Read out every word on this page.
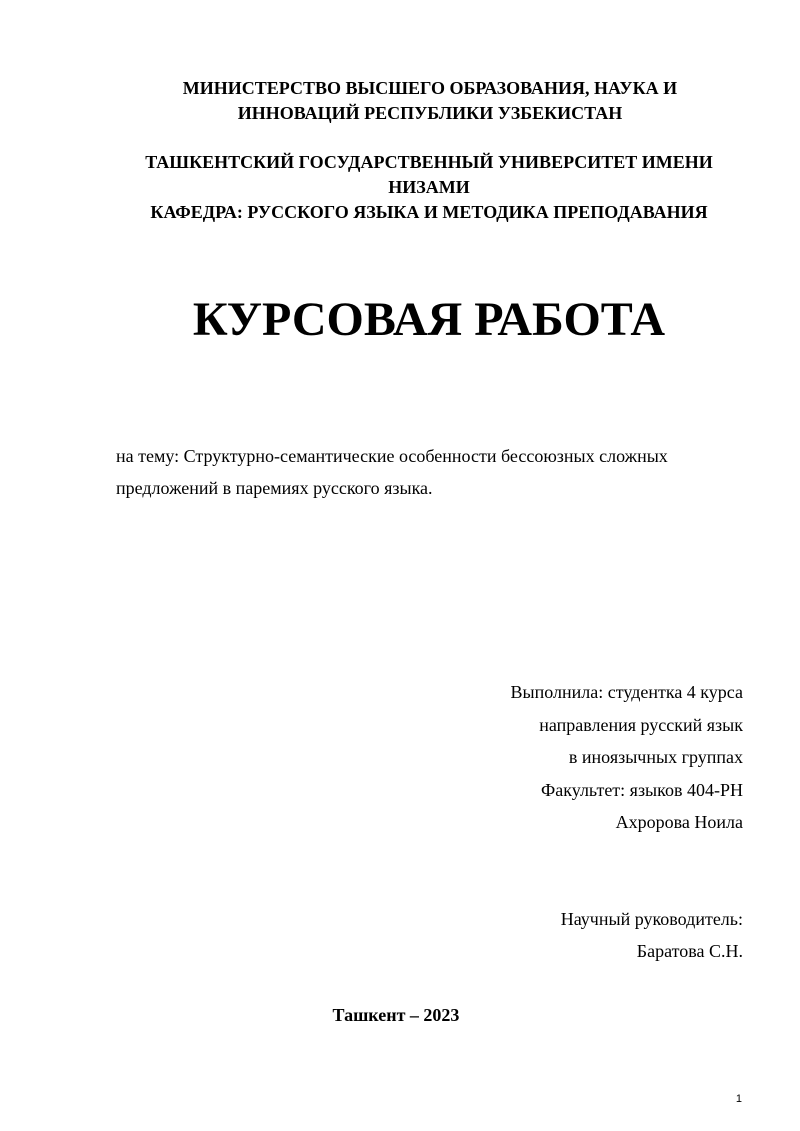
МИНИСТЕРСТВО ВЫСШЕГО ОБРАЗОВАНИЯ, НАУКА И
ИННОВАЦИЙ РЕСПУБЛИКИ УЗБЕКИСТАН
ТАШКЕНТСКИЙ ГОСУДАРСТВЕННЫЙ УНИВЕРСИТЕТ ИМЕНИ
НИЗАМИ
КАФЕДРА: РУССКОГО ЯЗЫКА И МЕТОДИКА ПРЕПОДАВАНИЯ
КУРСОВАЯ РАБОТА
на тему: Структурно-семантические особенности бессоюзных сложных
предложений в паремиях русского языка.
Выполнила: студентка 4 курса
направления русский язык
в иноязычных группах
Факультет: языков 404-РН
Ахророва Ноила
Научный руководитель:
Баратова С.Н.
Ташкент – 2023
1
